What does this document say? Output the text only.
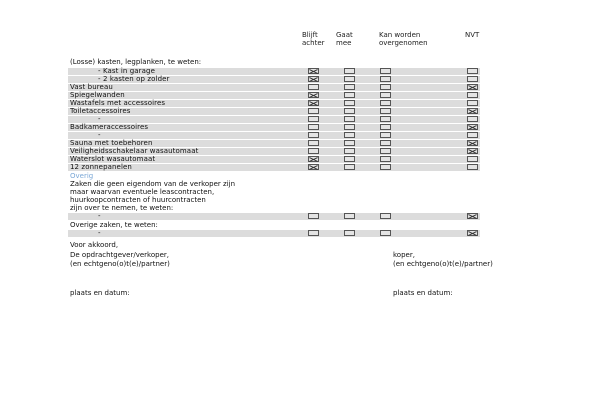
Blijft
achter
Gaat
mee
Kan worden
overgenomen
NVT
(Losse) kasten, legplanken, te weten:
- Kast in garage
- 2 kasten op zolder
Vast bureau
Spiegelwanden
Wastafels met accessoires
Toiletaccessoires
-
Badkameraccessoires
-
Sauna met toebehoren
Veiligheidsschakelaar wasautomaat
Waterslot wasautomaat
12 zonnepanelen
Overig
Zaken die geen eigendom van de verkoper zijn
maar waarvan eventuele leascontracten,
huurkoopcontracten of huurcontracten
zijn over te nemen, te weten:
-
Overige zaken, te weten:
-
Voor akkoord,
De opdrachtgever/verkoper,
(en echtgeno(o)t(e)/partner)
plaats en datum:
koper,
(en echtgeno(o)t(e)/partner)
plaats en datum:
